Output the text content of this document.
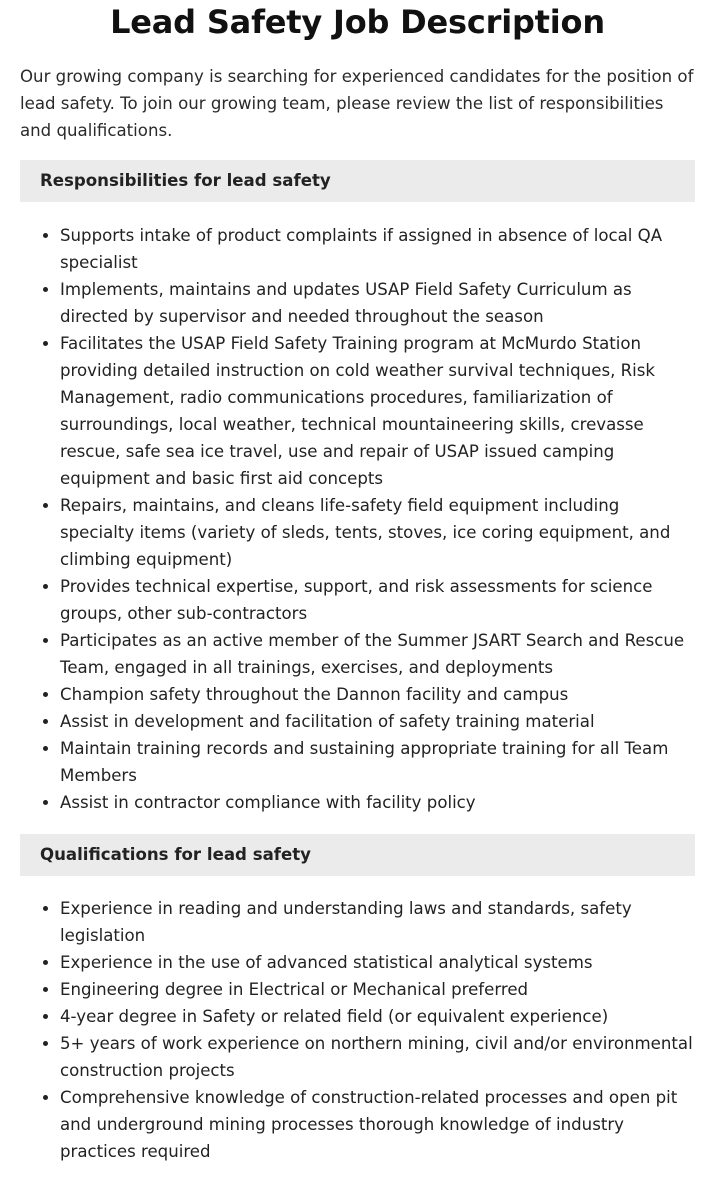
Lead Safety Job Description

Our growing company is searching for experienced candidates for the position of lead safety. To join our growing team, please review the list of responsibilities and qualifications.

Responsibilities for lead safety
• Supports intake of product complaints if assigned in absence of local QA specialist
• Implements, maintains and updates USAP Field Safety Curriculum as directed by supervisor and needed throughout the season
• Facilitates the USAP Field Safety Training program at McMurdo Station providing detailed instruction on cold weather survival techniques, Risk Management, radio communications procedures, familiarization of surroundings, local weather, technical mountaineering skills, crevasse rescue, safe sea ice travel, use and repair of USAP issued camping equipment and basic first aid concepts
• Repairs, maintains, and cleans life-safety field equipment including specialty items (variety of sleds, tents, stoves, ice coring equipment, and climbing equipment)
• Provides technical expertise, support, and risk assessments for science groups, other sub-contractors
• Participates as an active member of the Summer JSART Search and Rescue Team, engaged in all trainings, exercises, and deployments
• Champion safety throughout the Dannon facility and campus
• Assist in development and facilitation of safety training material
• Maintain training records and sustaining appropriate training for all Team Members
• Assist in contractor compliance with facility policy
Qualifications for lead safety
• Experience in reading and understanding laws and standards, safety legislation
• Experience in the use of advanced statistical analytical systems
• Engineering degree in Electrical or Mechanical preferred
• 4-year degree in Safety or related field (or equivalent experience)
• 5+ years of work experience on northern mining, civil and/or environmental construction projects
• Comprehensive knowledge of construction-related processes and open pit and underground mining processes thorough knowledge of industry practices required
